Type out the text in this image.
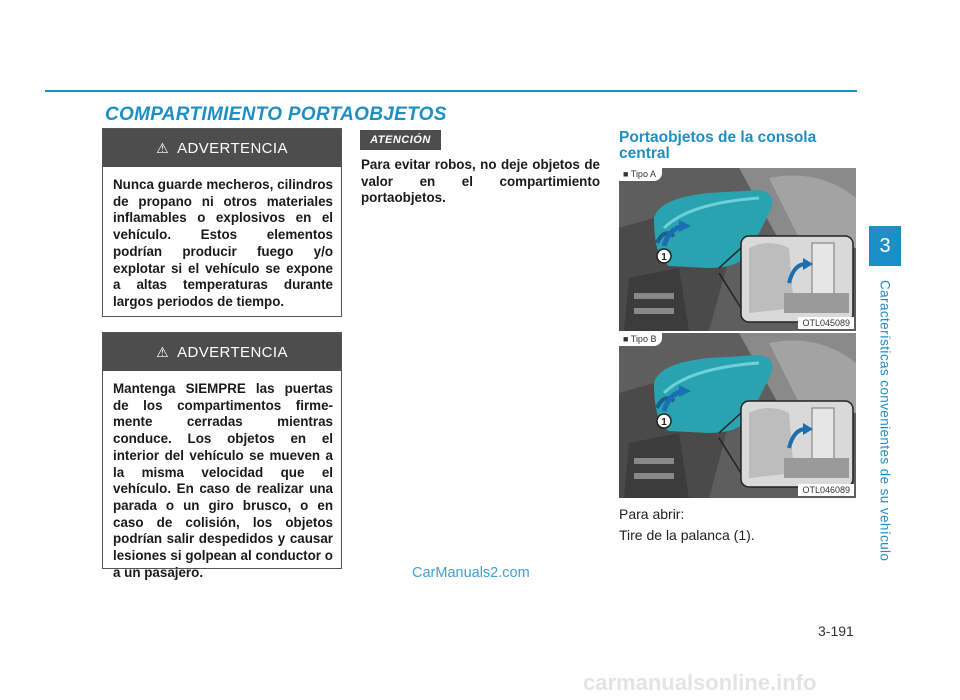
COMPARTIMIENTO PORTAOBJETOS
⚠ ADVERTENCIA
Nunca guarde mecheros, cilindros de propano ni otros materiales inflamables o explosivos en el vehículo. Estos elementos podrían producir fuego y/o explotar si el vehículo se expone a altas temperaturas durante largos periodos de tiempo.
⚠ ADVERTENCIA
Mantenga SIEMPRE las puertas de los compartimentos firme-mente cerradas mientras conduce. Los objetos en el interior del vehículo se mueven a la misma velocidad que el vehículo. En caso de realizar una parada o un giro brusco, o en caso de colisión, los objetos podrían salir despedidos y causar lesiones si golpean al conductor o a un pasajero.
ATENCIÓN
Para evitar robos, no deje objetos de valor en el compartimiento portaobjetos.
Portaobjetos de la consola central
1
■ Tipo A
OTL045089
1
■ Tipo B
OTL046089
Para abrir:
Tire de la palanca (1).
3
Características convenientes de su vehículo
3-191
CarManuals2.com
carmanualsonline.info
